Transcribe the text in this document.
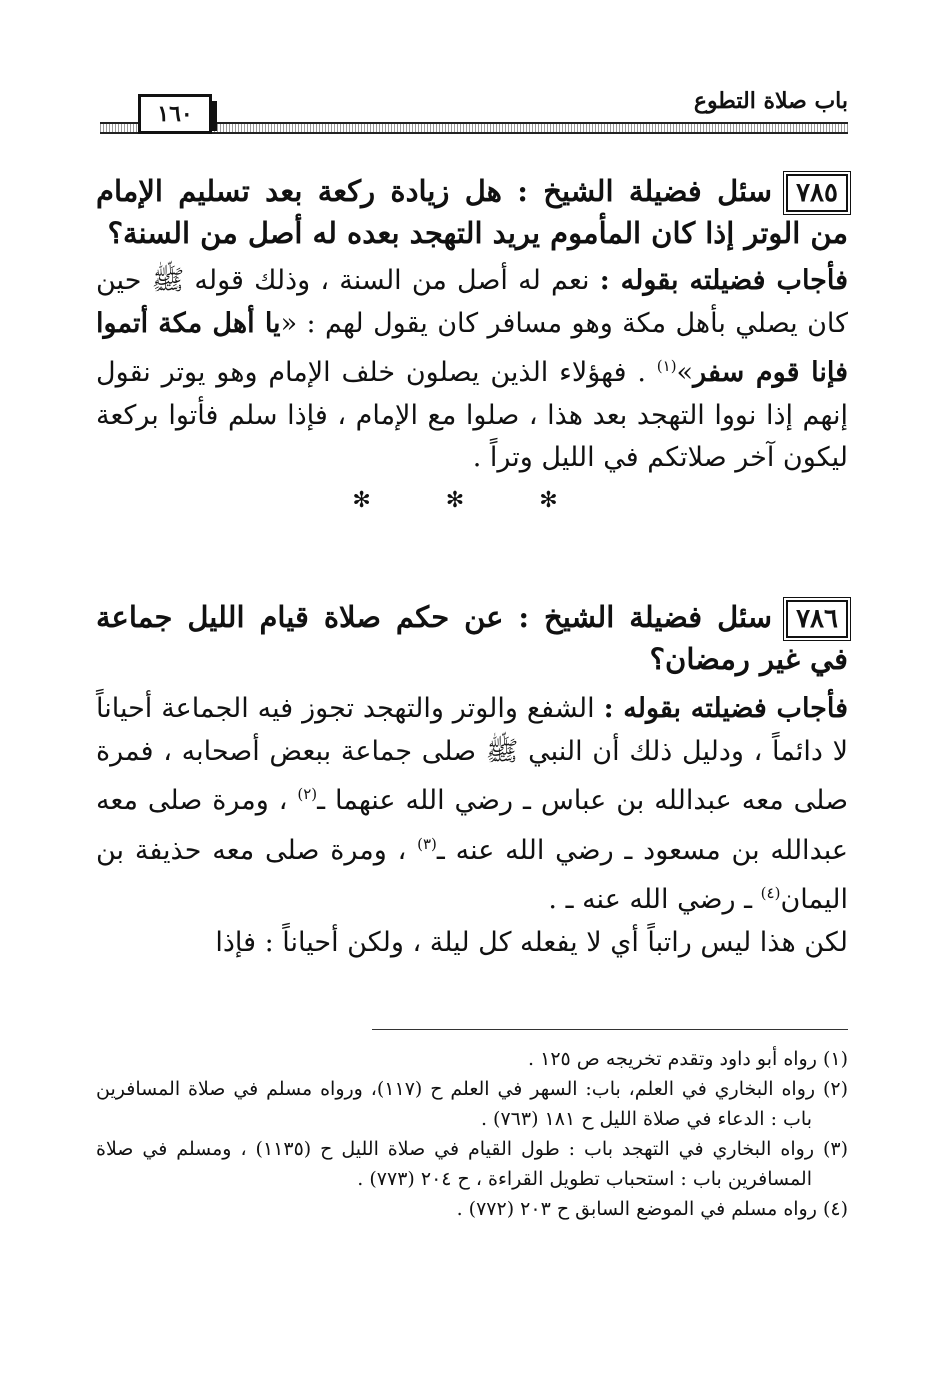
باب صلاة التطوع
١٦٠
٧٨٥سئل فضيلة الشيخ : هل زيادة ركعة بعد تسليم الإمام من الوتر إذا كان المأموم يريد التهجد بعده له أصل من السنة؟
فأجاب فضيلته بقوله : نعم له أصل من السنة ، وذلك قوله ﷺ حين كان يصلي بأهل مكة وهو مسافر كان يقول لهم : «يا أهل مكة أتموا فإنا قوم سفر»$^{(١)}$ . فهؤلاء الذين يصلون خلف الإمام وهو يوتر نقول إنهم إذا نووا التهجد بعد هذا ، صلوا مع الإمام ، فإذا سلم فأتوا بركعة ليكون آخر صلاتكم في الليل وتراً .
✻ ✻ ✻
٧٨٦سئل فضيلة الشيخ : عن حكم صلاة قيام الليل جماعة في غير رمضان؟
فأجاب فضيلته بقوله : الشفع والوتر والتهجد تجوز فيه الجماعة أحياناً لا دائماً ، ودليل ذلك أن النبي ﷺ صلى جماعة ببعض أصحابه ، فمرة صلى معه عبدالله بن عباس ـ رضي الله عنهما ـ$^{(٢)}$ ، ومرة صلى معه عبدالله بن مسعود ـ رضي الله عنه ـ$^{(٣)}$ ، ومرة صلى معه حذيفة بن اليمان$^{(٤)}$ ـ رضي الله عنه ـ .
لكن هذا ليس راتباً أي لا يفعله كل ليلة ، ولكن أحياناً : فإذا
(١) رواه أبو داود وتقدم تخريجه ص ١٢٥ .
(٢) رواه البخاري في العلم، باب: السهر في العلم ح (١١٧)، ورواه مسلم في صلاة المسافرين باب : الدعاء في صلاة الليل ح ١٨١ (٧٦٣) .
(٣) رواه البخاري في التهجد باب : طول القيام في صلاة الليل ح (١١٣٥) ، ومسلم في صلاة المسافرين باب : استحباب تطويل القراءة ، ح ٢٠٤ (٧٧٣) .
(٤) رواه مسلم في الموضع السابق ح ٢٠٣ (٧٧٢) .
